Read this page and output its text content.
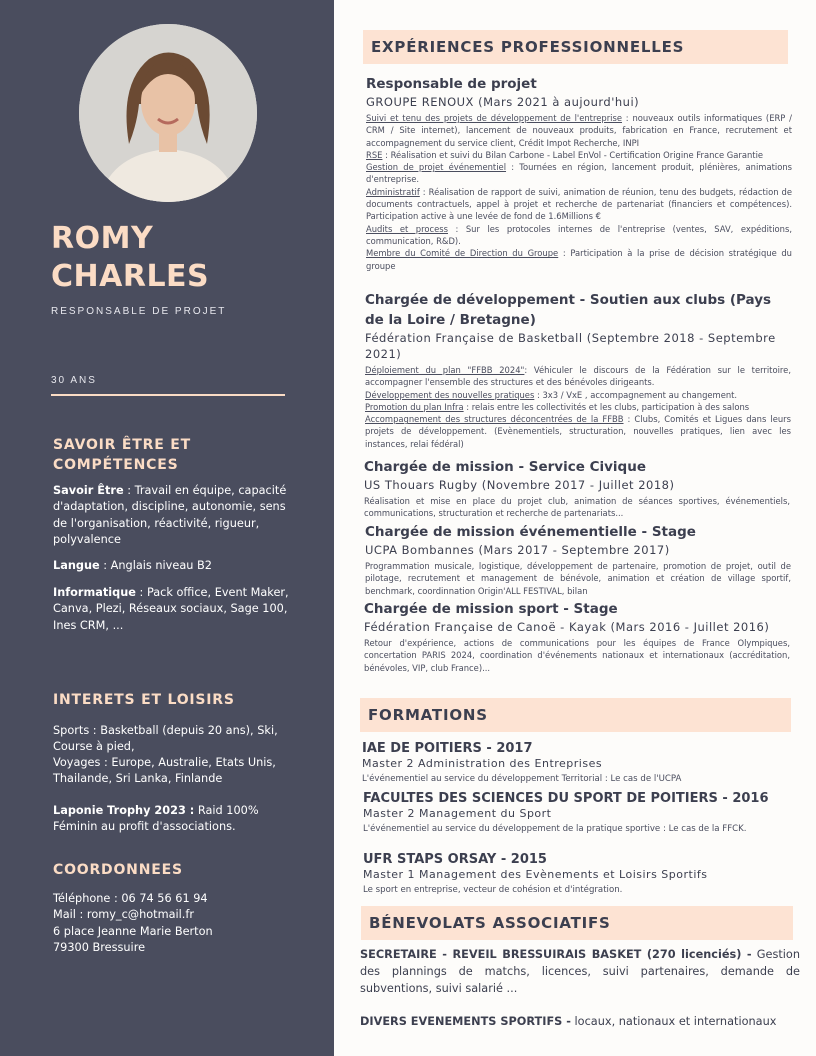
ROMY
CHARLES
RESPONSABLE DE PROJET
30 ANS
SAVOIR ÊTRE ET COMPÉTENCES
Savoir Être : Travail en équipe, capacité d'adaptation, discipline, autonomie, sens de l'organisation, réactivité, rigueur, polyvalence
Langue : Anglais niveau B2
Informatique : Pack office, Event Maker, Canva, Plezi, Réseaux sociaux, Sage 100, Ines CRM, ...
INTERETS ET LOISIRS
Sports : Basketball (depuis 20 ans), Ski, Course à pied,
Voyages : Europe, Australie, Etats Unis, Thailande, Sri Lanka, Finlande
Laponie Trophy 2023 : Raid 100% Féminin au profit d'associations.
COORDONNEES
Téléphone : 06 74 56 61 94
Mail : romy_c@hotmail.fr
6 place Jeanne Marie Berton
79300 Bressuire
EXPÉRIENCES PROFESSIONNELLES
Responsable de projet
GROUPE RENOUX (Mars 2021 à aujourd'hui)
Suivi et tenu des projets de développement de l'entreprise : nouveaux outils informatiques (ERP / CRM / Site internet), lancement de nouveaux produits, fabrication en France, recrutement et accompagnement du service client, Crédit Impot Recherche, INPI
RSE : Réalisation et suivi du Bilan Carbone - Label EnVol - Certification Origine France Garantie
Gestion de projet événementiel : Tournées en région, lancement produit, plénières, animations d'entreprise.
Administratif : Réalisation de rapport de suivi, animation de réunion, tenu des budgets, rédaction de documents contractuels, appel à projet et recherche de partenariat (financiers et compétences). Participation active à une levée de fond de 1.6Millions €
Audits et process : Sur les protocoles internes de l'entreprise (ventes, SAV, expéditions, communication, R&D).
Membre du Comité de Direction du Groupe : Participation à la prise de décision stratégique du groupe
Chargée de développement - Soutien aux clubs (Pays de la Loire / Bretagne)
Fédération Française de Basketball (Septembre 2018 - Septembre 2021)
Déploiement du plan "FFBB 2024": Véhiculer le discours de la Fédération sur le territoire, accompagner l'ensemble des structures et des bénévoles dirigeants.
Développement des nouvelles pratiques : 3x3 / VxE , accompagnement au changement.
Promotion du plan Infra : relais entre les collectivités et les clubs, participation à des salons
Accompagnement des structures déconcentrées de la FFBB : Clubs, Comités et Ligues dans leurs projets de développement. (Evènementiels, structuration, nouvelles pratiques, lien avec les instances, relai fédéral)
Chargée de mission - Service Civique
US Thouars Rugby (Novembre 2017 - Juillet 2018)
Réalisation et mise en place du projet club, animation de séances sportives, événementiels, communications, structuration et recherche de partenariats...
Chargée de mission événementielle - Stage
UCPA Bombannes (Mars 2017 - Septembre 2017)
Programmation musicale, logistique, développement de partenaire, promotion de projet, outil de pilotage, recrutement et management de bénévole, animation et création de village sportif, benchmark, coordinnation Origin'ALL FESTIVAL, bilan
Chargée de mission sport - Stage
Fédération Française de Canoë - Kayak (Mars 2016 - Juillet 2016)
Retour d'expérience, actions de communications pour les équipes de France Olympiques, concertation PARIS 2024, coordination d'événements nationaux et internationaux (accréditation, bénévoles, VIP, club France)...
FORMATIONS
IAE DE POITIERS - 2017
Master 2 Administration des Entreprises
L'événementiel au service du développement Territorial : Le cas de l'UCPA
FACULTES DES SCIENCES DU SPORT DE POITIERS - 2016
Master 2 Management du Sport
L'événementiel au service du développement de la pratique sportive : Le cas de la FFCK.
UFR STAPS ORSAY - 2015
Master 1 Management des Evènements et Loisirs Sportifs
Le sport en entreprise, vecteur de cohésion et d'intégration.
BÉNEVOLATS ASSOCIATIFS
SECRETAIRE - REVEIL BRESSUIRAIS BASKET (270 licenciés) - Gestion des plannings de matchs, licences, suivi partenaires, demande de subventions, suivi salarié ...
DIVERS EVENEMENTS SPORTIFS - locaux, nationaux et internationaux
